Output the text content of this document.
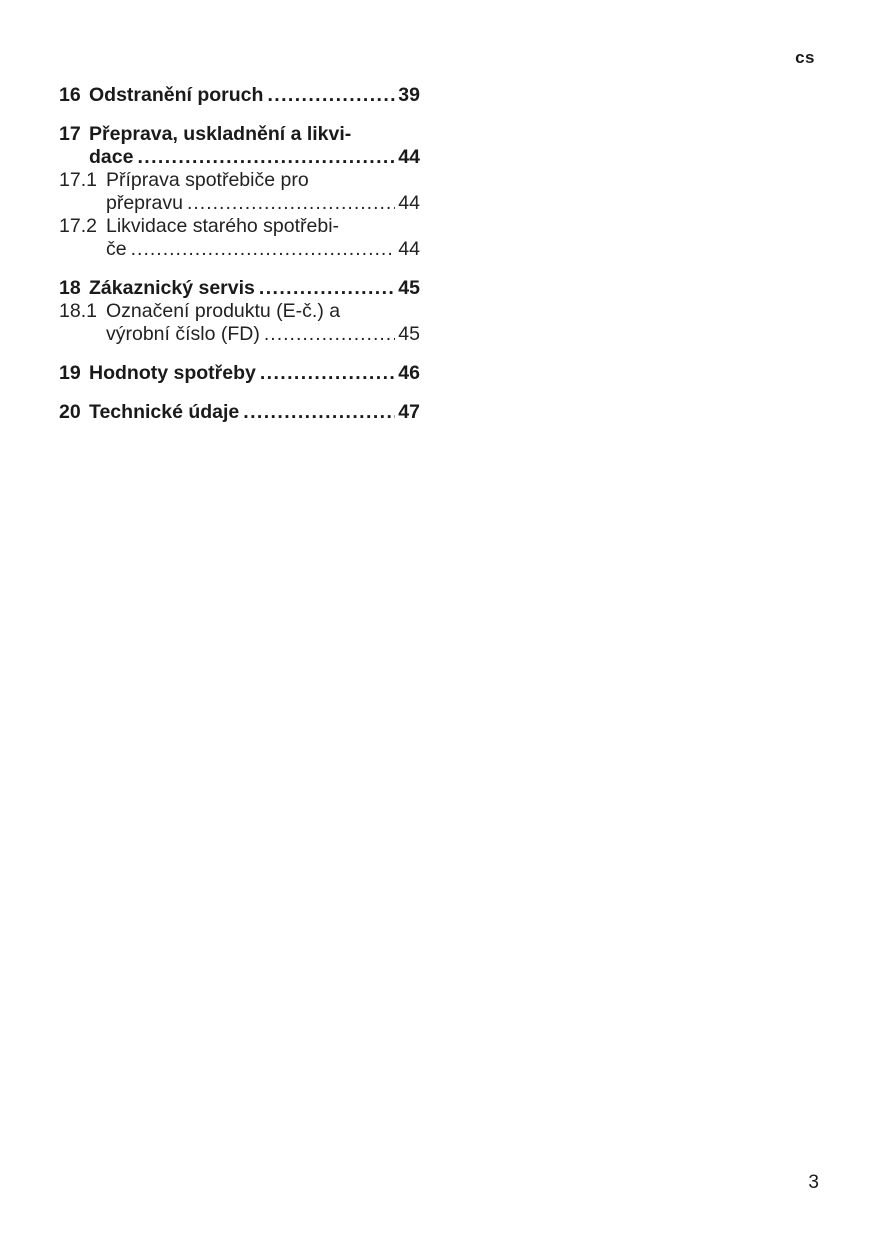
cs
16 Odstranění poruch .....	39
17 Přeprava, uskladnění a likvi-
dace .....	44
17.1 Příprava spotřebiče pro
přepravu .....	44
17.2 Likvidace starého spotřebi-
če .....	44
18 Zákaznický servis .....	45
18.1 Označení produktu (E-č.) a
výrobní číslo (FD) .....	45
19 Hodnoty spotřeby .....	46
20 Technické údaje .....	47
3
